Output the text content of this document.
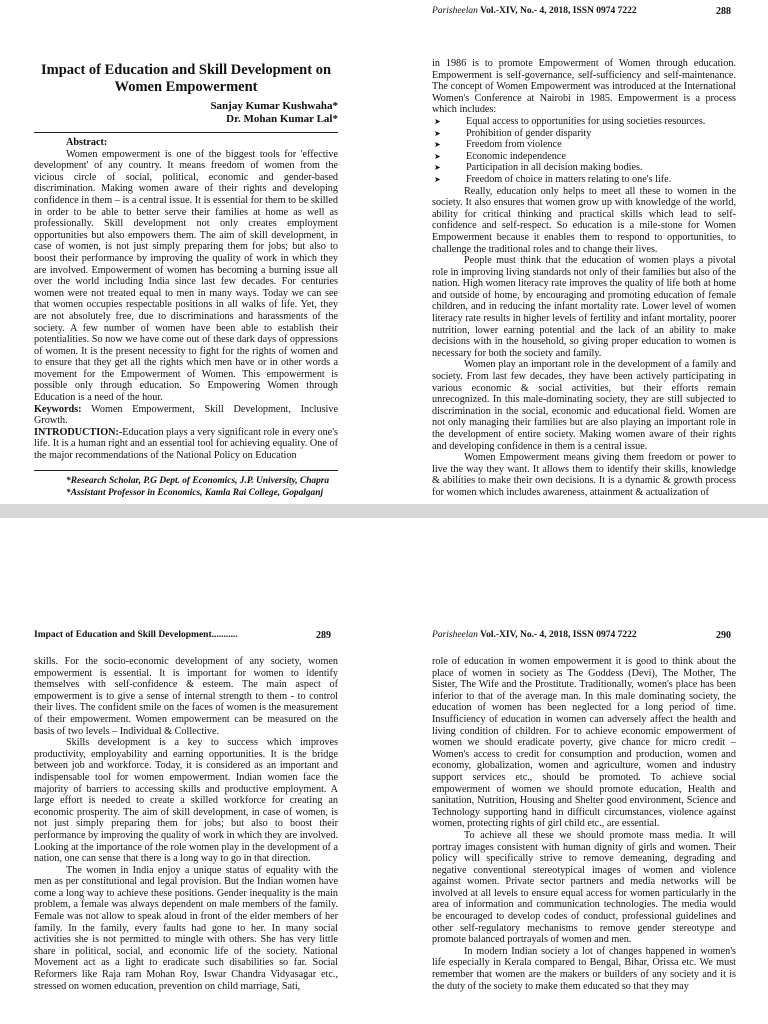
Parisheelan Vol.-XIV, No.- 4, 2018, ISSN 0974 7222	288
Impact of Education and Skill Development on Women Empowerment
Sanjay Kumar Kushwaha*
Dr. Mohan Kumar Lal*

Abstract:

Women empowerment is one of the biggest tools for 'effective development' of any country. It means freedom of women from the vicious circle of social, political, economic and gender-based discrimination. Making women aware of their rights and developing confidence in them – is a central issue. It is essential for them to be skilled in order to be able to better serve their families at home as well as professionally. Skill development not only creates employment opportunities but also empowers them. The aim of skill development, in case of women, is not just simply preparing them for jobs; but also to boost their performance by improving the quality of work in which they are involved. Empowerment of women has becoming a burning issue all over the world including India since last few decades. For centuries women were not treated equal to men in many ways. Today we can see that women occupies respectable positions in all walks of life. Yet, they are not absolutely free, due to discriminations and harassments of the society. A few number of women have been able to establish their potentialities. So now we have come out of these dark days of oppressions of women. It is the present necessity to fight for the rights of women and to ensure that they get all the rights which men have or in other words a movement for the Empowerment of Women. This empowerment is possible only through education. So Empowering Women through Education is a need of the hour.

Keywords: Women Empowerment, Skill Development, Inclusive Growth.

INTRODUCTION:-Education plays a very significant role in every one's life. It is a human right and an essential tool for achieving equality. One of the major recommendations of the National Policy on Education

*Research Scholar, P.G Dept. of Economics, J.P. University, Chapra

*Assistant Professor in Economics, Kamla Rai College, Gopalganj

in 1986 is to promote Empowerment of Women through education. Empowerment is self-governance, self-sufficiency and self-maintenance. The concept of Women Empowerment was introduced at the International Women's Conference at Nairobi in 1985. Empowerment is a process which includes:

➤ Equal access to opportunities for using societies resources.
➤ Prohibition of gender disparity
➤ Freedom from violence
➤ Economic independence
➤ Participation in all decision making bodies.
➤ Freedom of choice in matters relating to one's life.

Really, education only helps to meet all these to women in the society. It also ensures that women grow up with knowledge of the world, ability for critical thinking and practical skills which lead to self-confidence and self-respect. So education is a mile-stone for Women Empowerment because it enables them to respond to opportunities, to challenge the traditional roles and to change their lives.

People must think that the education of women plays a pivotal role in improving living standards not only of their families but also of the nation. High women literacy rate improves the quality of life both at home and outside of home, by encouraging and promoting education of female children, and in reducing the infant mortality rate. Lower level of women literacy rate results in higher levels of fertility and infant mortality, poorer nutrition, lower earning potential and the lack of an ability to make decisions with in the household, so giving proper education to women is necessary for both the society and family.

Women play an important role in the development of a family and society. From last few decades, they have been actively participating in various economic & social activities, but their efforts remain unrecognized. In this male-dominating society, they are still subjected to discrimination in the social, economic and educational field. Women are not only managing their families but are also playing an important role in the development of entire society. Making women aware of their rights and developing confidence in them is a central issue.

Women Empowerment means giving them freedom or power to live the way they want. It allows them to identify their skills, knowledge & abilities to make their own decisions. It is a dynamic & growth process for women which includes awareness, attainment & actualization of

Impact of Education and Skill Development...........	289	Parisheelan Vol.-XIV, No.- 4, 2018, ISSN 0974 7222	290

skills. For the socio-economic development of any society, women empowerment is essential. It is important for women to identify themselves with self-confidence & esteem. The main aspect of empowerment is to give a sense of internal strength to them - to control their lives. The confident smile on the faces of women is the measurement of their empowerment. Women empowerment can be measured on the basis of two levels – Individual & Collective.

Skills development is a key to success which improves productivity, employability and earning opportunities. It is the bridge between job and workforce. Today, it is considered as an important and indispensable tool for women empowerment. Indian women face the majority of barriers to accessing skills and productive employment. A large effort is needed to create a skilled workforce for creating an economic prosperity. The aim of skill development, in case of women, is not just simply preparing them for jobs; but also to boost their performance by improving the quality of work in which they are involved. Looking at the importance of the role women play in the development of a nation, one can sense that there is a long way to go in that direction.

The women in India enjoy a unique status of equality with the men as per constitutional and legal provision. But the Indian women have come a long way to achieve these positions. Gender inequality is the main problem, a female was always dependent on male members of the family. Female was not allow to speak aloud in front of the elder members of her family. In the family, every faults had gone to her. In many social activities she is not permitted to mingle with others. She has very little share in political, social, and economic life of the society. National Movement act as a light to eradicate such disabilities so far. Social Reformers like Raja ram Mohan Roy, Iswar Chandra Vidyasagar etc., stressed on women education, prevention on child marriage, Sati,

role of education in women empowerment it is good to think about the place of women in society as The Goddess (Devi), The Mother, The Sister, The Wife and the Prostitute. Traditionally, women's place has been inferior to that of the average man. In this male dominating society, the education of women has been neglected for a long period of time. Insufficiency of education in women can adversely affect the health and living condition of children. For to achieve economic empowerment of women we should eradicate poverty, give chance for micro credit – Women's access to credit for consumption and production, women and economy, globalization, women and agriculture, women and industry support services etc., should be promoted. To achieve social empowerment of women we should promote education, Health and sanitation, Nutrition, Housing and Shelter good environment, Science and Technology supporting hand in difficult circumstances, violence against women, protecting rights of girl child etc., are essential.

To achieve all these we should promote mass media. It will portray images consistent with human dignity of girls and women. Their policy will specifically strive to remove demeaning, degrading and negative conventional stereotypical images of women and violence against women. Private sector partners and media networks will be involved at all levels to ensure equal access for women particularly in the area of information and communication technologies. The media would be encouraged to develop codes of conduct, professional guidelines and other self-regulatory mechanisms to remove gender stereotype and promote balanced portrayals of women and men.

In modern Indian society a lot of changes happened in women's life especially in Kerala compared to Bengal, Bihar, Orissa etc. We must remember that women are the makers or builders of any society and it is the duty of the society to make them educated so that they may
